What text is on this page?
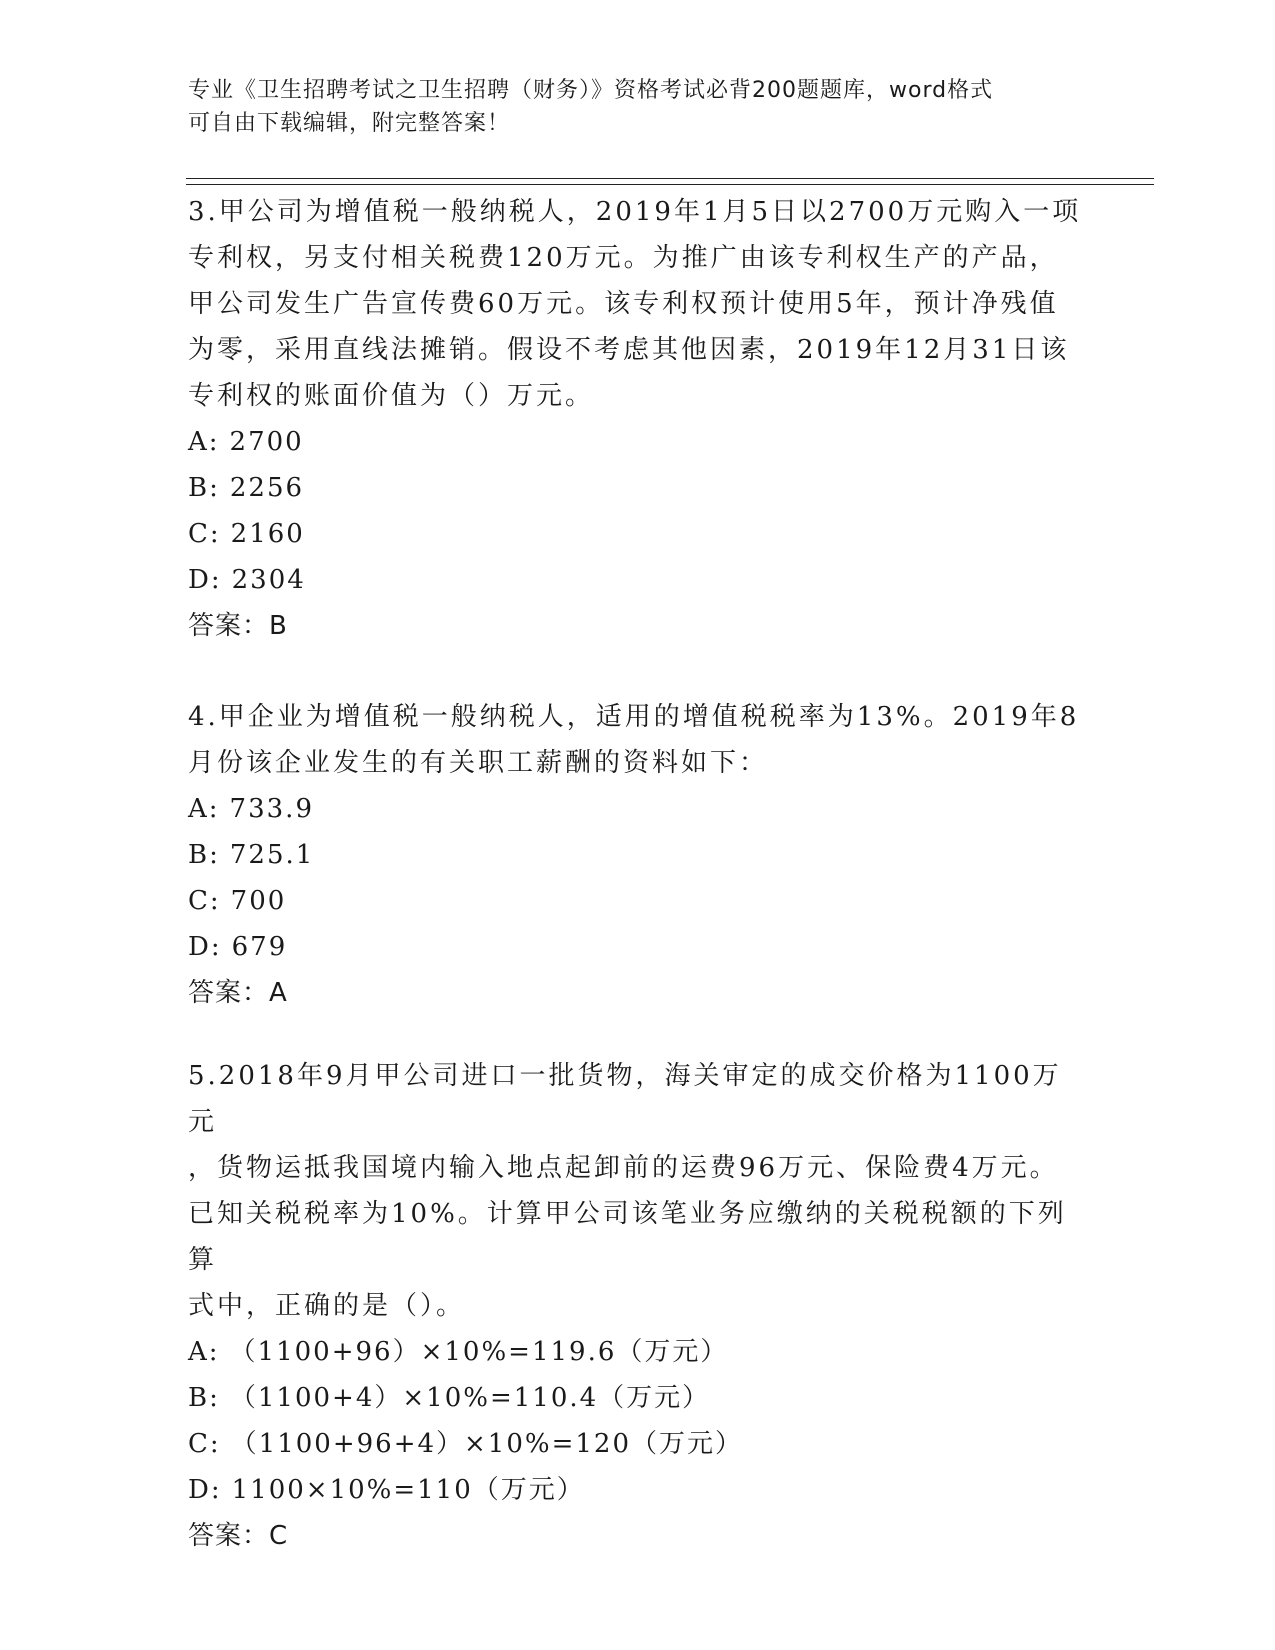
专业《卫生招聘考试之卫生招聘（财务）》资格考试必背200题题库，word格式
可自由下载编辑，附完整答案！

3.甲公司为增值税一般纳税人，2019年1月5日以2700万元购入一项
专利权，另支付相关税费120万元。为推广由该专利权生产的产品，
甲公司发生广告宣传费60万元。该专利权预计使用5年，预计净残值
为零，采用直线法摊销。假设不考虑其他因素，2019年12月31日该
专利权的账面价值为（）万元。

A: 2700
B: 2256
C: 2160
D: 2304

答案：B

4.甲企业为增值税一般纳税人，适用的增值税税率为13%。2019年8
月份该企业发生的有关职工薪酬的资料如下：

A: 733.9
B: 725.1
C: 700
D: 679

答案：A

5.2018年9月甲公司进口一批货物，海关审定的成交价格为1100万元
，货物运抵我国境内输入地点起卸前的运费96万元、保险费4万元。
已知关税税率为10%。计算甲公司该笔业务应缴纳的关税税额的下列算
式中，正确的是（）。

A: （1100+96）×10%=119.6（万元）
B: （1100+4）×10%=110.4（万元）
C: （1100+96+4）×10%=120（万元）
D: 1100×10%=110（万元）

答案：C
